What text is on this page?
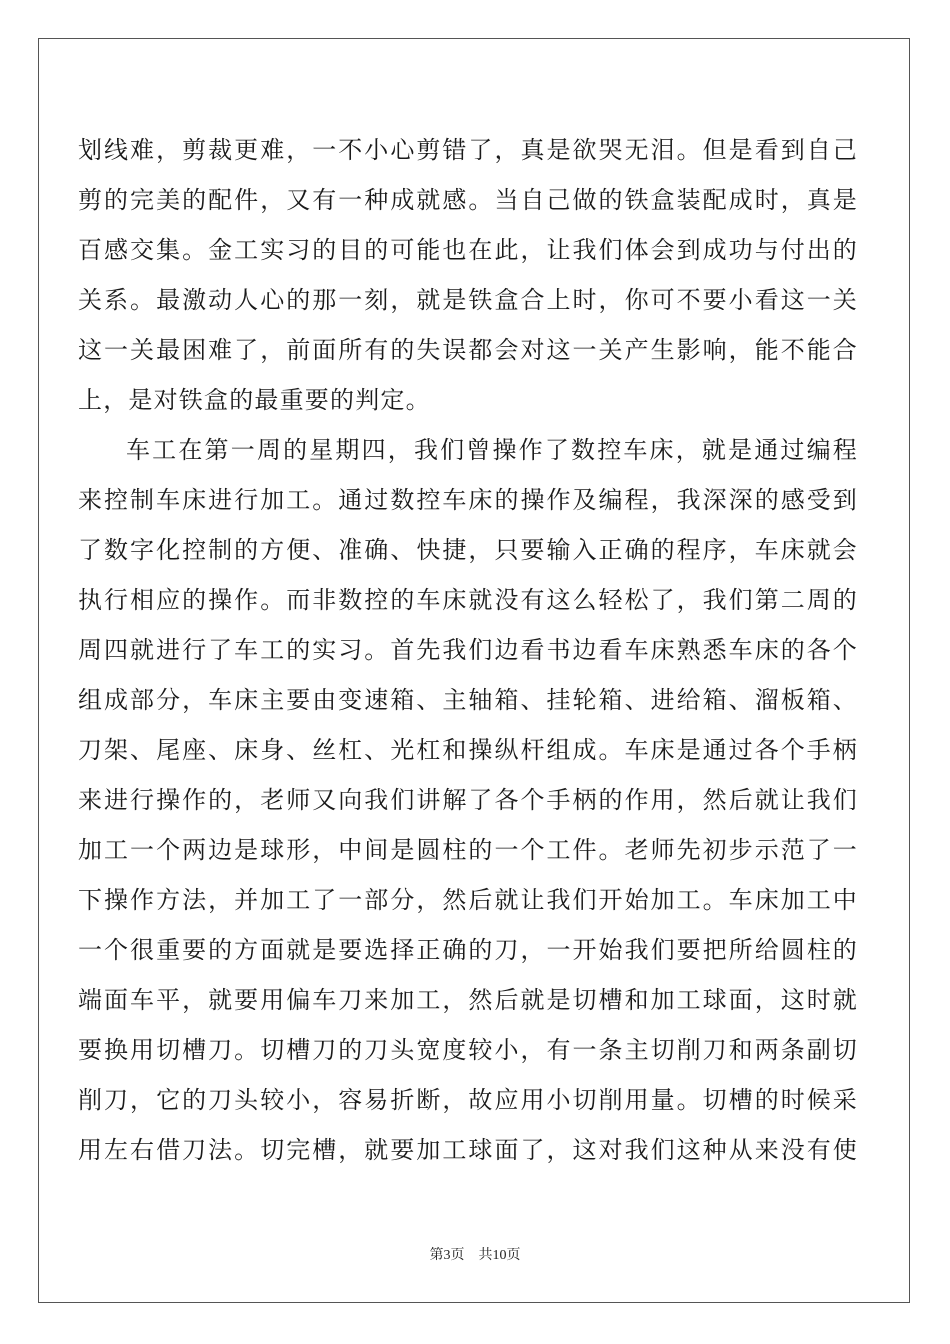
划线难，剪裁更难，一不小心剪错了，真是欲哭无泪。但是看到自己
剪的完美的配件，又有一种成就感。当自己做的铁盒装配成时，真是
百感交集。金工实习的目的可能也在此，让我们体会到成功与付出的
关系。最激动人心的那一刻，就是铁盒合上时，你可不要小看这一关
这一关最困难了，前面所有的失误都会对这一关产生影响，能不能合
上，是对铁盒的最重要的判定。
车工在第一周的星期四，我们曾操作了数控车床，就是通过编程
来控制车床进行加工。通过数控车床的操作及编程，我深深的感受到
了数字化控制的方便、准确、快捷，只要输入正确的程序，车床就会
执行相应的操作。而非数控的车床就没有这么轻松了，我们第二周的
周四就进行了车工的实习。首先我们边看书边看车床熟悉车床的各个
组成部分，车床主要由变速箱、主轴箱、挂轮箱、进给箱、溜板箱、
刀架、尾座、床身、丝杠、光杠和操纵杆组成。车床是通过各个手柄
来进行操作的，老师又向我们讲解了各个手柄的作用，然后就让我们
加工一个两边是球形，中间是圆柱的一个工件。老师先初步示范了一
下操作方法，并加工了一部分，然后就让我们开始加工。车床加工中
一个很重要的方面就是要选择正确的刀，一开始我们要把所给圆柱的
端面车平，就要用偏车刀来加工，然后就是切槽和加工球面，这时就
要换用切槽刀。切槽刀的刀头宽度较小，有一条主切削刀和两条副切
削刀，它的刀头较小，容易折断，故应用小切削用量。切槽的时候采
用左右借刀法。切完槽，就要加工球面了，这对我们这种从来没有使
第3页 共10页
